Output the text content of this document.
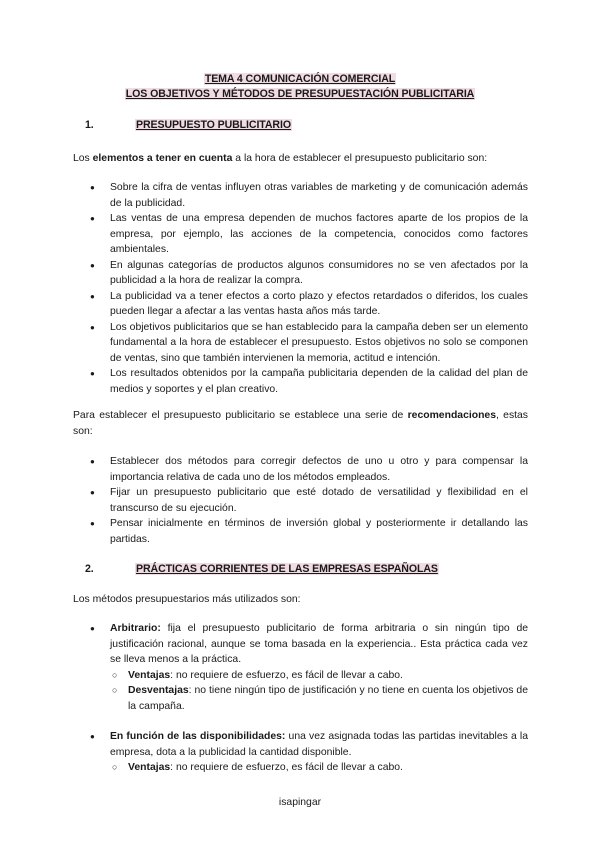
TEMA 4 COMUNICACIÓN COMERCIAL
LOS OBJETIVOS Y MÉTODOS DE PRESUPUESTACIÓN PUBLICITARIA
1.	PRESUPUESTO PUBLICITARIO

Los elementos a tener en cuenta a la hora de establecer el presupuesto publicitario son:

● Sobre la cifra de ventas influyen otras variables de marketing y de comunicación además de la publicidad.
● Las ventas de una empresa dependen de muchos factores aparte de los propios de la empresa, por ejemplo, las acciones de la competencia, conocidos como factores ambientales.
● En algunas categorías de productos algunos consumidores no se ven afectados por la publicidad a la hora de realizar la compra.
● La publicidad va a tener efectos a corto plazo y efectos retardados o diferidos, los cuales pueden llegar a afectar a las ventas hasta años más tarde.
● Los objetivos publicitarios que se han establecido para la campaña deben ser un elemento fundamental a la hora de establecer el presupuesto. Estos objetivos no solo se componen de ventas, sino que también intervienen la memoria, actitud e intención.
● Los resultados obtenidos por la campaña publicitaria dependen de la calidad del plan de medios y soportes y el plan creativo.

Para establecer el presupuesto publicitario se establece una serie de recomendaciones, estas son:

● Establecer dos métodos para corregir defectos de uno u otro y para compensar la importancia relativa de cada uno de los métodos empleados.
● Fijar un presupuesto publicitario que esté dotado de versatilidad y flexibilidad en el transcurso de su ejecución.
● Pensar inicialmente en términos de inversión global y posteriormente ir detallando las partidas.
2.	PRÁCTICAS CORRIENTES DE LAS EMPRESAS ESPAÑOLAS

Los métodos presupuestarios más utilizados son:

● Arbitrario: fija el presupuesto publicitario de forma arbitraria o sin ningún tipo de justificación racional, aunque se toma basada en la experiencia.. Esta práctica cada vez se lleva menos a la práctica.
○ Ventajas: no requiere de esfuerzo, es fácil de llevar a cabo.
○ Desventajas: no tiene ningún tipo de justificación y no tiene en cuenta los objetivos de la campaña.
● En función de las disponibilidades: una vez asignada todas las partidas inevitables a la empresa, dota a la publicidad la cantidad disponible.
○ Ventajas: no requiere de esfuerzo, es fácil de llevar a cabo.
isapingar
